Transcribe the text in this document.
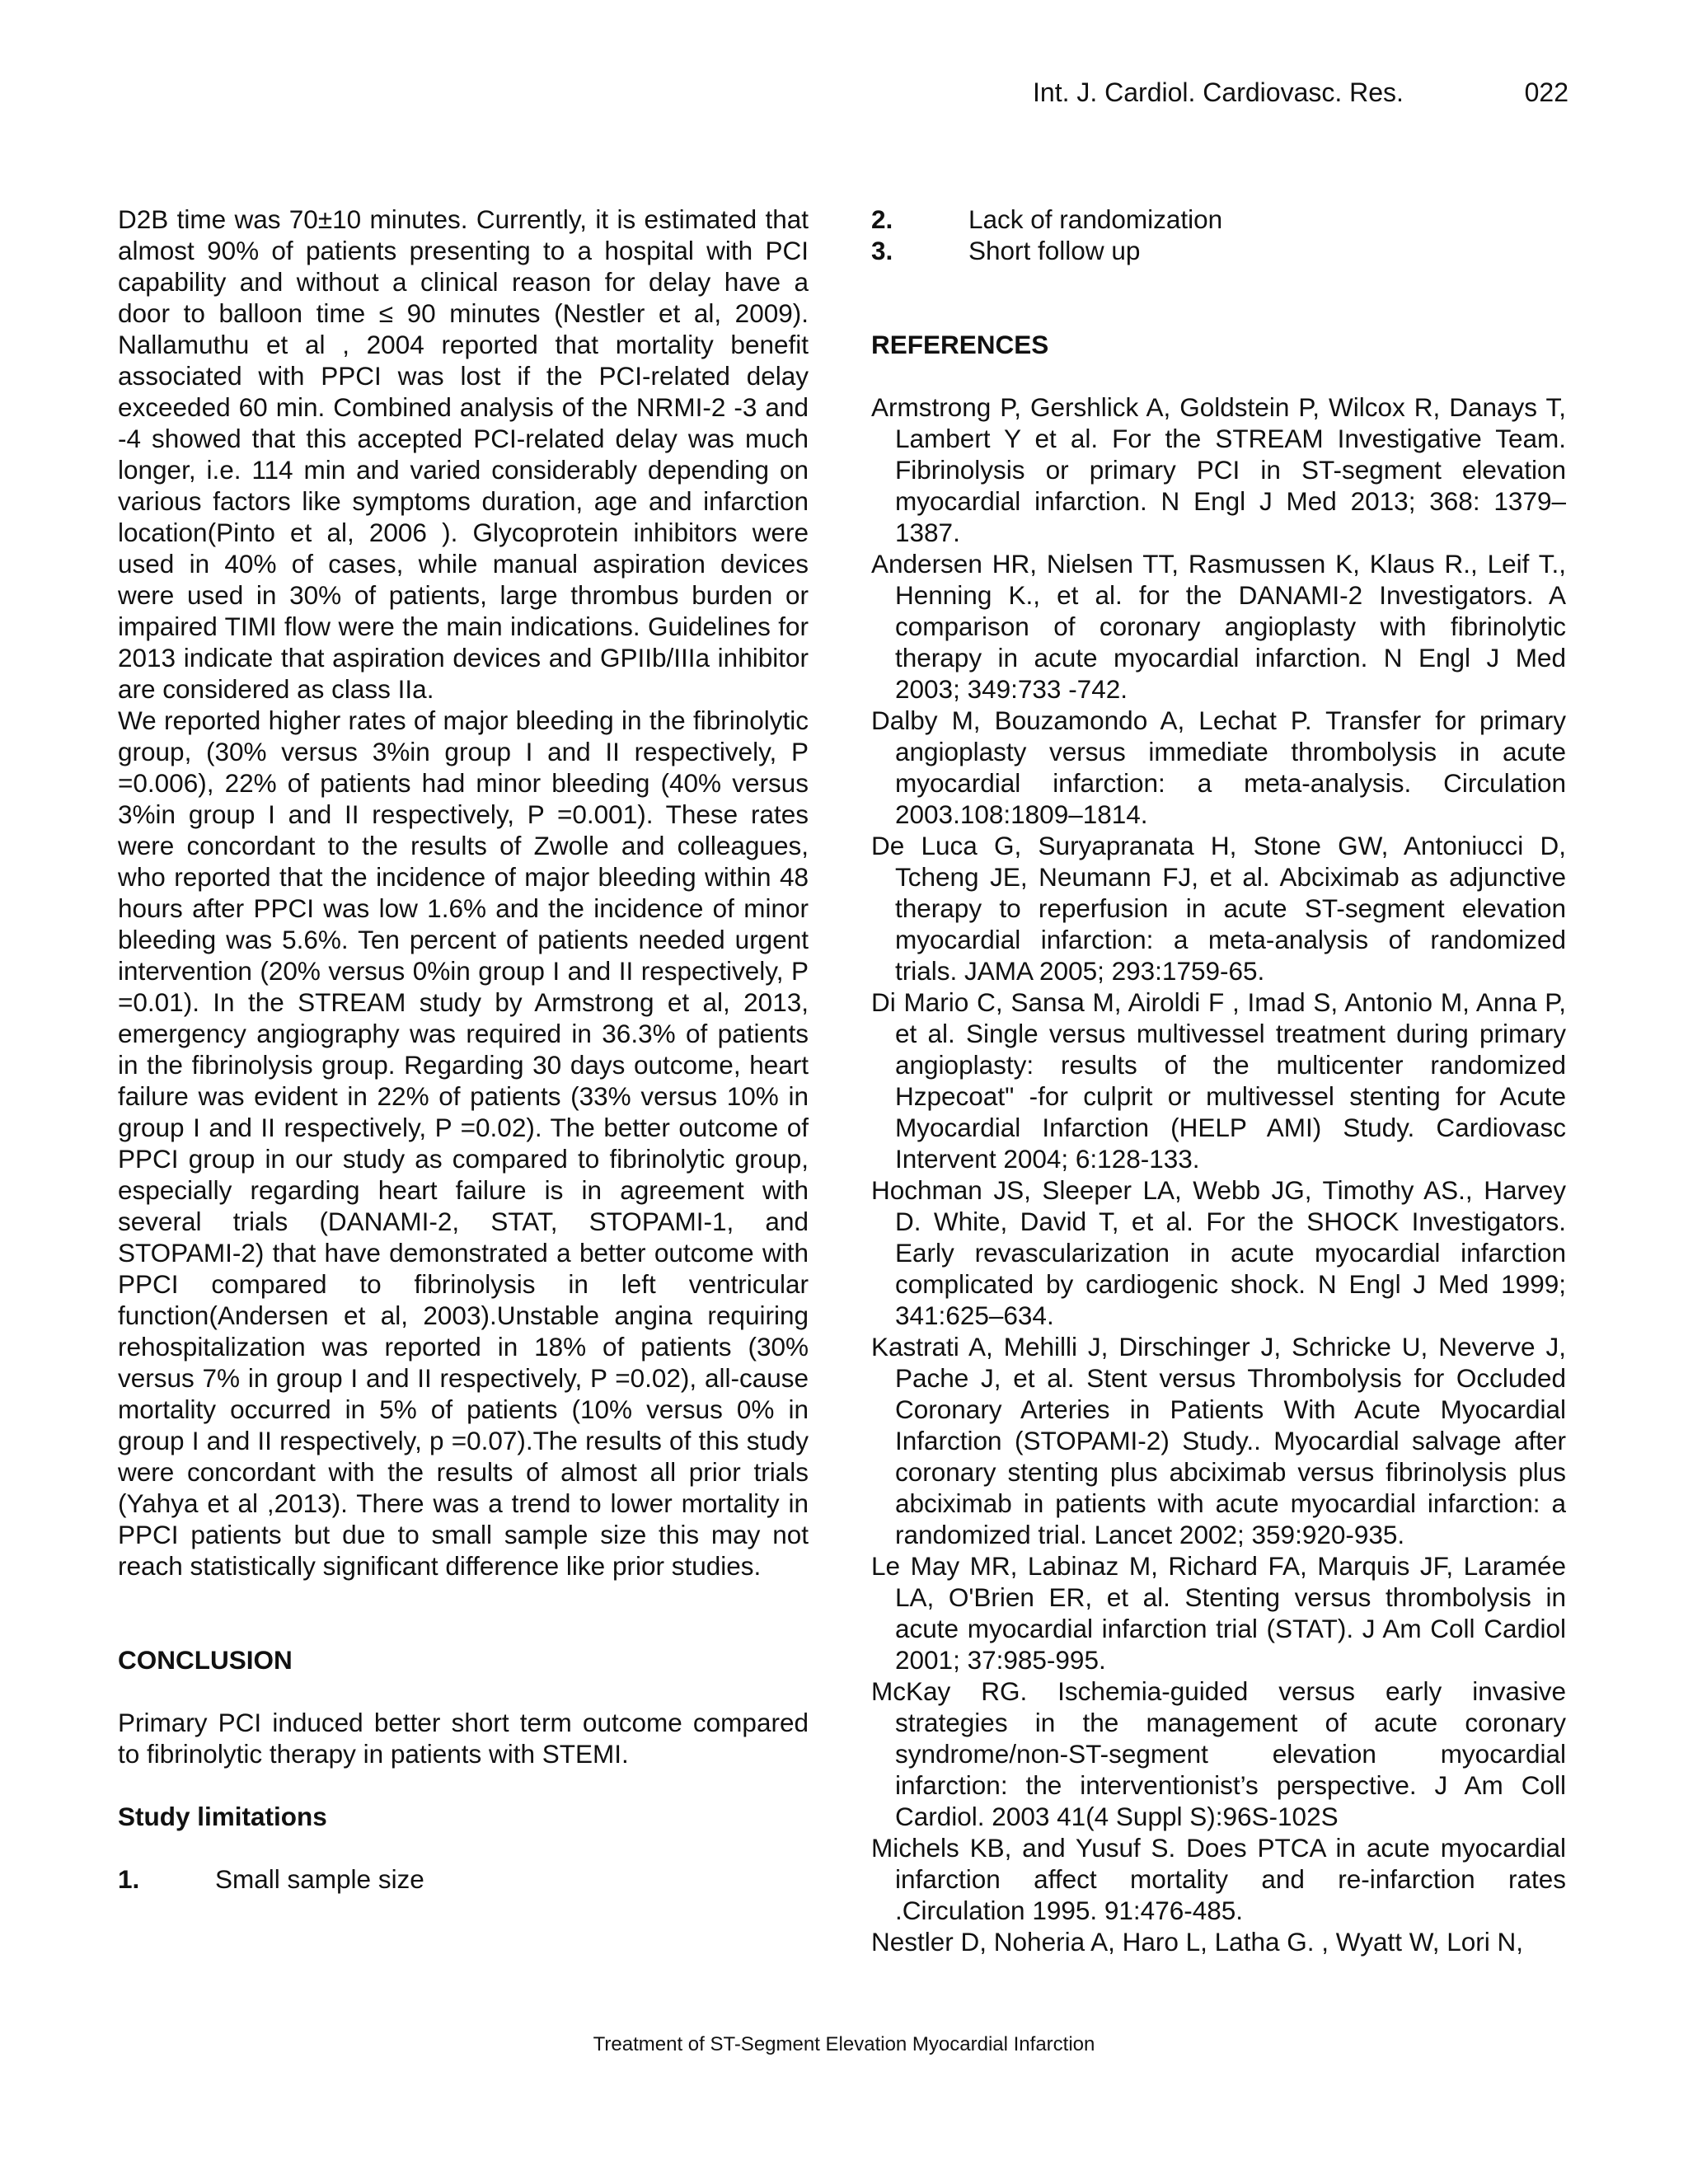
Int. J. Cardiol. Cardiovasc. Res.	022

D2B time was 70±10 minutes. Currently, it is estimated that almost 90% of patients presenting to a hospital with PCI capability and without a clinical reason for delay have a door to balloon time ≤ 90 minutes (Nestler et al, 2009). Nallamuthu et al , 2004 reported that mortality benefit associated with PPCI was lost if the PCI-related delay exceeded 60 min. Combined analysis of the NRMI-2 -3 and -4 showed that this accepted PCI-related delay was much longer, i.e. 114 min and varied considerably depending on various factors like symptoms duration, age and infarction location(Pinto et al, 2006 ). Glycoprotein inhibitors were used in 40% of cases, while manual aspiration devices were used in 30% of patients, large thrombus burden or impaired TIMI flow were the main indications. Guidelines for 2013 indicate that aspiration devices and GPIIb/IIIa inhibitor are considered as class IIa.

We reported higher rates of major bleeding in the fibrinolytic group, (30% versus 3%in group I and II respectively, P =0.006), 22% of patients had minor bleeding (40% versus 3%in group I and II respectively, P =0.001). These rates were concordant to the results of Zwolle and colleagues, who reported that the incidence of major bleeding within 48 hours after PPCI was low 1.6% and the incidence of minor bleeding was 5.6%. Ten percent of patients needed urgent intervention (20% versus 0%in group I and II respectively, P =0.01). In the STREAM study by Armstrong et al, 2013, emergency angiography was required in 36.3% of patients in the fibrinolysis group. Regarding 30 days outcome, heart failure was evident in 22% of patients (33% versus 10% in group I and II respectively, P =0.02). The better outcome of PPCI group in our study as compared to fibrinolytic group, especially regarding heart failure is in agreement with several trials (DANAMI-2, STAT, STOPAMI-1, and STOPAMI-2) that have demonstrated a better outcome with PPCI compared to fibrinolysis in left ventricular function(Andersen et al, 2003).Unstable angina requiring rehospitalization was reported in 18% of patients (30% versus 7% in group I and II respectively, P =0.02), all-cause mortality occurred in 5% of patients (10% versus 0% in group I and II respectively, p =0.07).The results of this study were concordant with the results of almost all prior trials (Yahya et al ,2013). There was a trend to lower mortality in PPCI patients but due to small sample size this may not reach statistically significant difference like prior studies.

CONCLUSION

Primary PCI induced better short term outcome compared to fibrinolytic therapy in patients with STEMI.

Study limitations
1.	Small sample size
2.	Lack of randomization
3.	Short follow up
REFERENCES

Armstrong P, Gershlick A, Goldstein P, Wilcox R, Danays T, Lambert Y et al. For the STREAM Investigative Team. Fibrinolysis or primary PCI in ST-segment elevation myocardial infarction. N Engl J Med 2013; 368: 1379–1387.

Andersen HR, Nielsen TT, Rasmussen K, Klaus R., Leif T., Henning K., et al. for the DANAMI-2 Investigators. A comparison of coronary angioplasty with fibrinolytic therapy in acute myocardial infarction. N Engl J Med 2003; 349:733 -742.

Dalby M, Bouzamondo A, Lechat P. Transfer for primary angioplasty versus immediate thrombolysis in acute myocardial infarction: a meta-analysis. Circulation 2003.108:1809–1814.

De Luca G, Suryapranata H, Stone GW, Antoniucci D, Tcheng JE, Neumann FJ, et al. Abciximab as adjunctive therapy to reperfusion in acute ST-segment elevation myocardial infarction: a meta-analysis of randomized trials. JAMA 2005; 293:1759-65.

Di Mario C, Sansa M, Airoldi F , Imad S, Antonio M, Anna P, et al. Single versus multivessel treatment during primary angioplasty: results of the multicenter randomized Hzpecoat" -for culprit or multivessel stenting for Acute Myocardial Infarction (HELP AMI) Study. Cardiovasc Intervent 2004; 6:128-133.

Hochman JS, Sleeper LA, Webb JG, Timothy AS., Harvey D. White, David T, et al. For the SHOCK Investigators. Early revascularization in acute myocardial infarction complicated by cardiogenic shock. N Engl J Med 1999; 341:625–634.

Kastrati A, Mehilli J, Dirschinger J, Schricke U, Neverve J, Pache J, et al. Stent versus Thrombolysis for Occluded Coronary Arteries in Patients With Acute Myocardial Infarction (STOPAMI-2) Study.. Myocardial salvage after coronary stenting plus abciximab versus fibrinolysis plus abciximab in patients with acute myocardial infarction: a randomized trial. Lancet 2002; 359:920-935.

Le May MR, Labinaz M, Richard FA, Marquis JF, Laramée LA, O'Brien ER, et al. Stenting versus thrombolysis in acute myocardial infarction trial (STAT). J Am Coll Cardiol 2001; 37:985-995.

McKay RG. Ischemia-guided versus early invasive strategies in the management of acute coronary syndrome/non-ST-segment elevation myocardial infarction: the interventionist’s perspective. J Am Coll Cardiol. 2003 41(4 Suppl S):96S-102S

Michels KB, and Yusuf S. Does PTCA in acute myocardial infarction affect mortality and re-infarction rates .Circulation 1995. 91:476-485.

Nestler D, Noheria A, Haro L, Latha G. , Wyatt W, Lori N,

Treatment of ST-Segment Elevation Myocardial Infarction
